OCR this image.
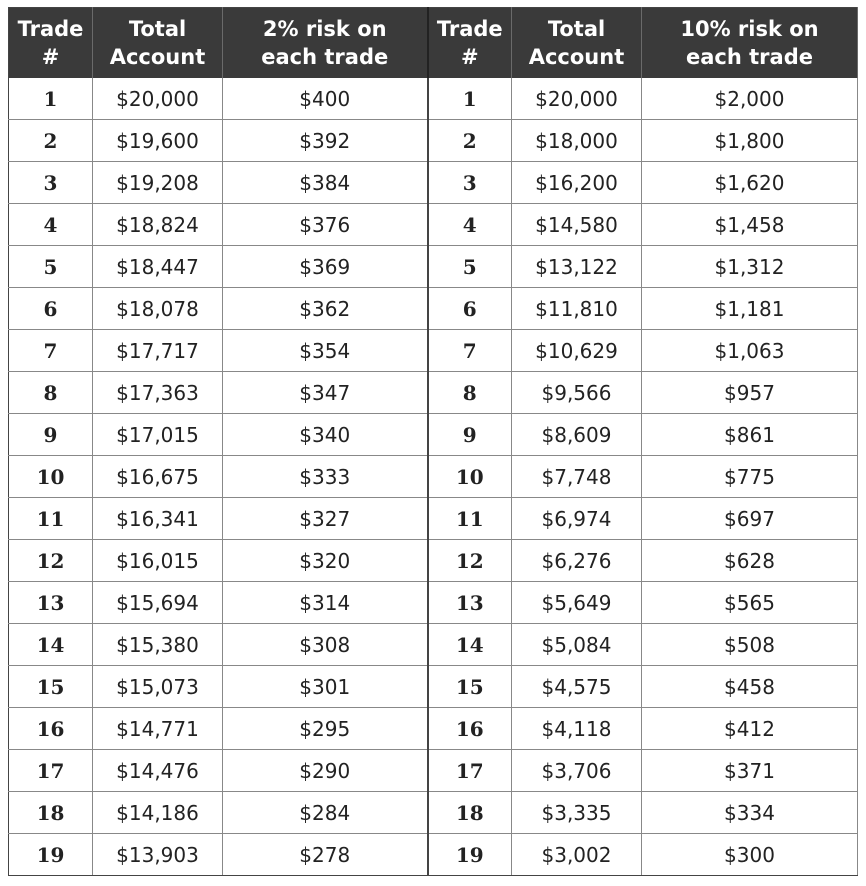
Trade
#	Total
Account	2% risk on
each trade	Trade
#	Total
Account	10% risk on
each trade
1	$20,000	$400	1	$20,000	$2,000
2	$19,600	$392	2	$18,000	$1,800
3	$19,208	$384	3	$16,200	$1,620
4	$18,824	$376	4	$14,580	$1,458
5	$18,447	$369	5	$13,122	$1,312
6	$18,078	$362	6	$11,810	$1,181
7	$17,717	$354	7	$10,629	$1,063
8	$17,363	$347	8	$9,566	$957
9	$17,015	$340	9	$8,609	$861
10	$16,675	$333	10	$7,748	$775
11	$16,341	$327	11	$6,974	$697
12	$16,015	$320	12	$6,276	$628
13	$15,694	$314	13	$5,649	$565
14	$15,380	$308	14	$5,084	$508
15	$15,073	$301	15	$4,575	$458
16	$14,771	$295	16	$4,118	$412
17	$14,476	$290	17	$3,706	$371
18	$14,186	$284	18	$3,335	$334
19	$13,903	$278	19	$3,002	$300
